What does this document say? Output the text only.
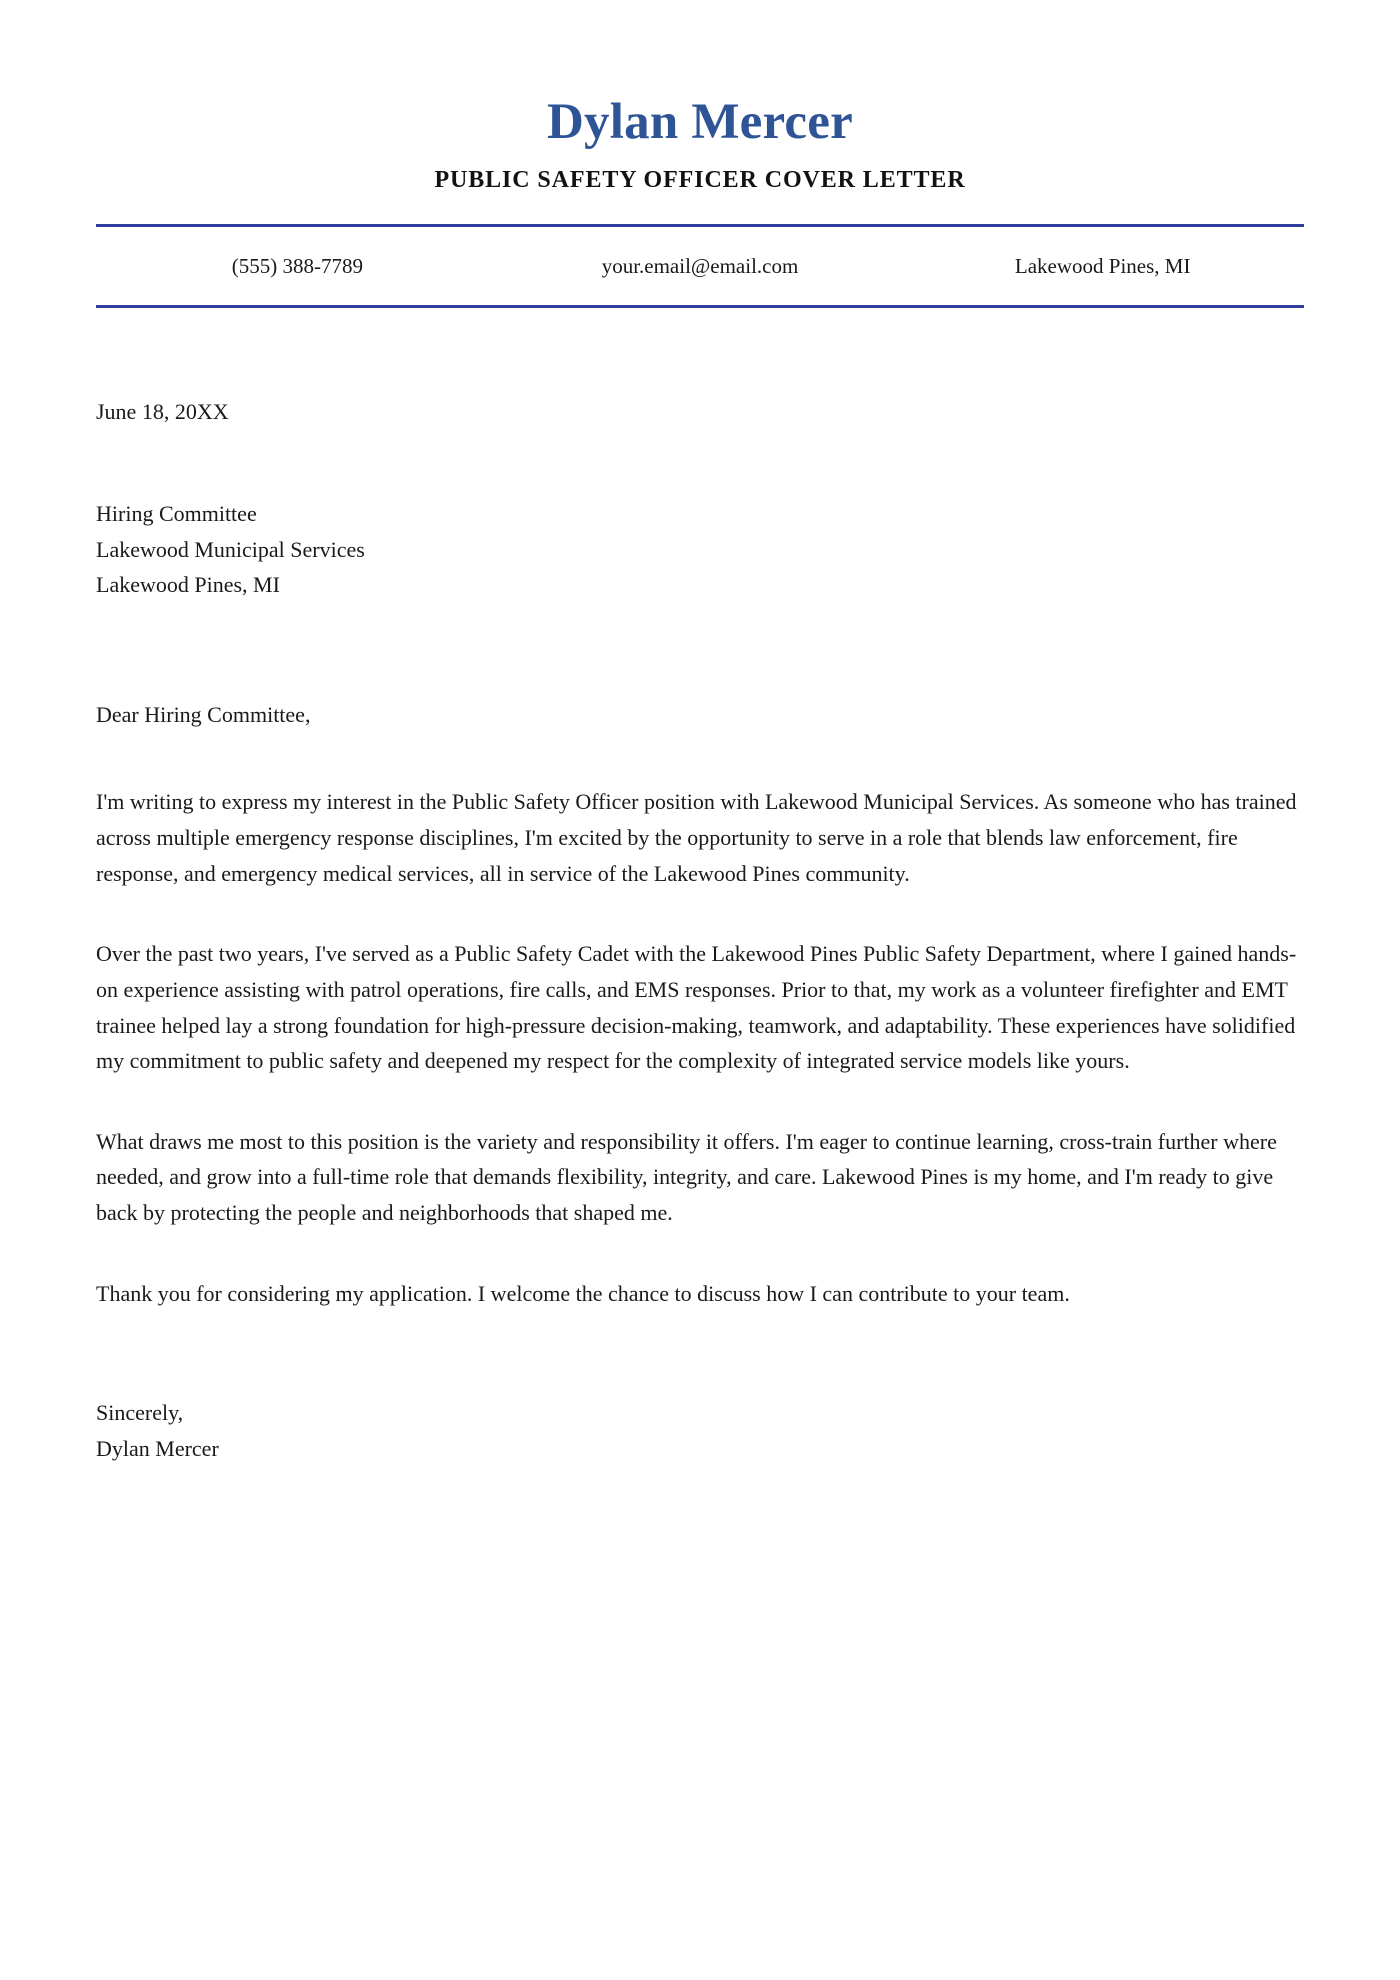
Dylan Mercer
PUBLIC SAFETY OFFICER COVER LETTER
(555) 388-7789	your.email@email.com	Lakewood Pines, MI
June 18, 20XX
Hiring Committee
Lakewood Municipal Services
Lakewood Pines, MI
Dear Hiring Committee,

I'm writing to express my interest in the Public Safety Officer position with Lakewood Municipal Services. As someone who has trained across multiple emergency response disciplines, I'm excited by the opportunity to serve in a role that blends law enforcement, fire response, and emergency medical services, all in service of the Lakewood Pines community.

Over the past two years, I've served as a Public Safety Cadet with the Lakewood Pines Public Safety Department, where I gained hands-on experience assisting with patrol operations, fire calls, and EMS responses. Prior to that, my work as a volunteer firefighter and EMT trainee helped lay a strong foundation for high-pressure decision-making, teamwork, and adaptability. These experiences have solidified my commitment to public safety and deepened my respect for the complexity of integrated service models like yours.

What draws me most to this position is the variety and responsibility it offers. I'm eager to continue learning, cross-train further where needed, and grow into a full-time role that demands flexibility, integrity, and care. Lakewood Pines is my home, and I'm ready to give back by protecting the people and neighborhoods that shaped me.

Thank you for considering my application. I welcome the chance to discuss how I can contribute to your team.

Sincerely,
Dylan Mercer
